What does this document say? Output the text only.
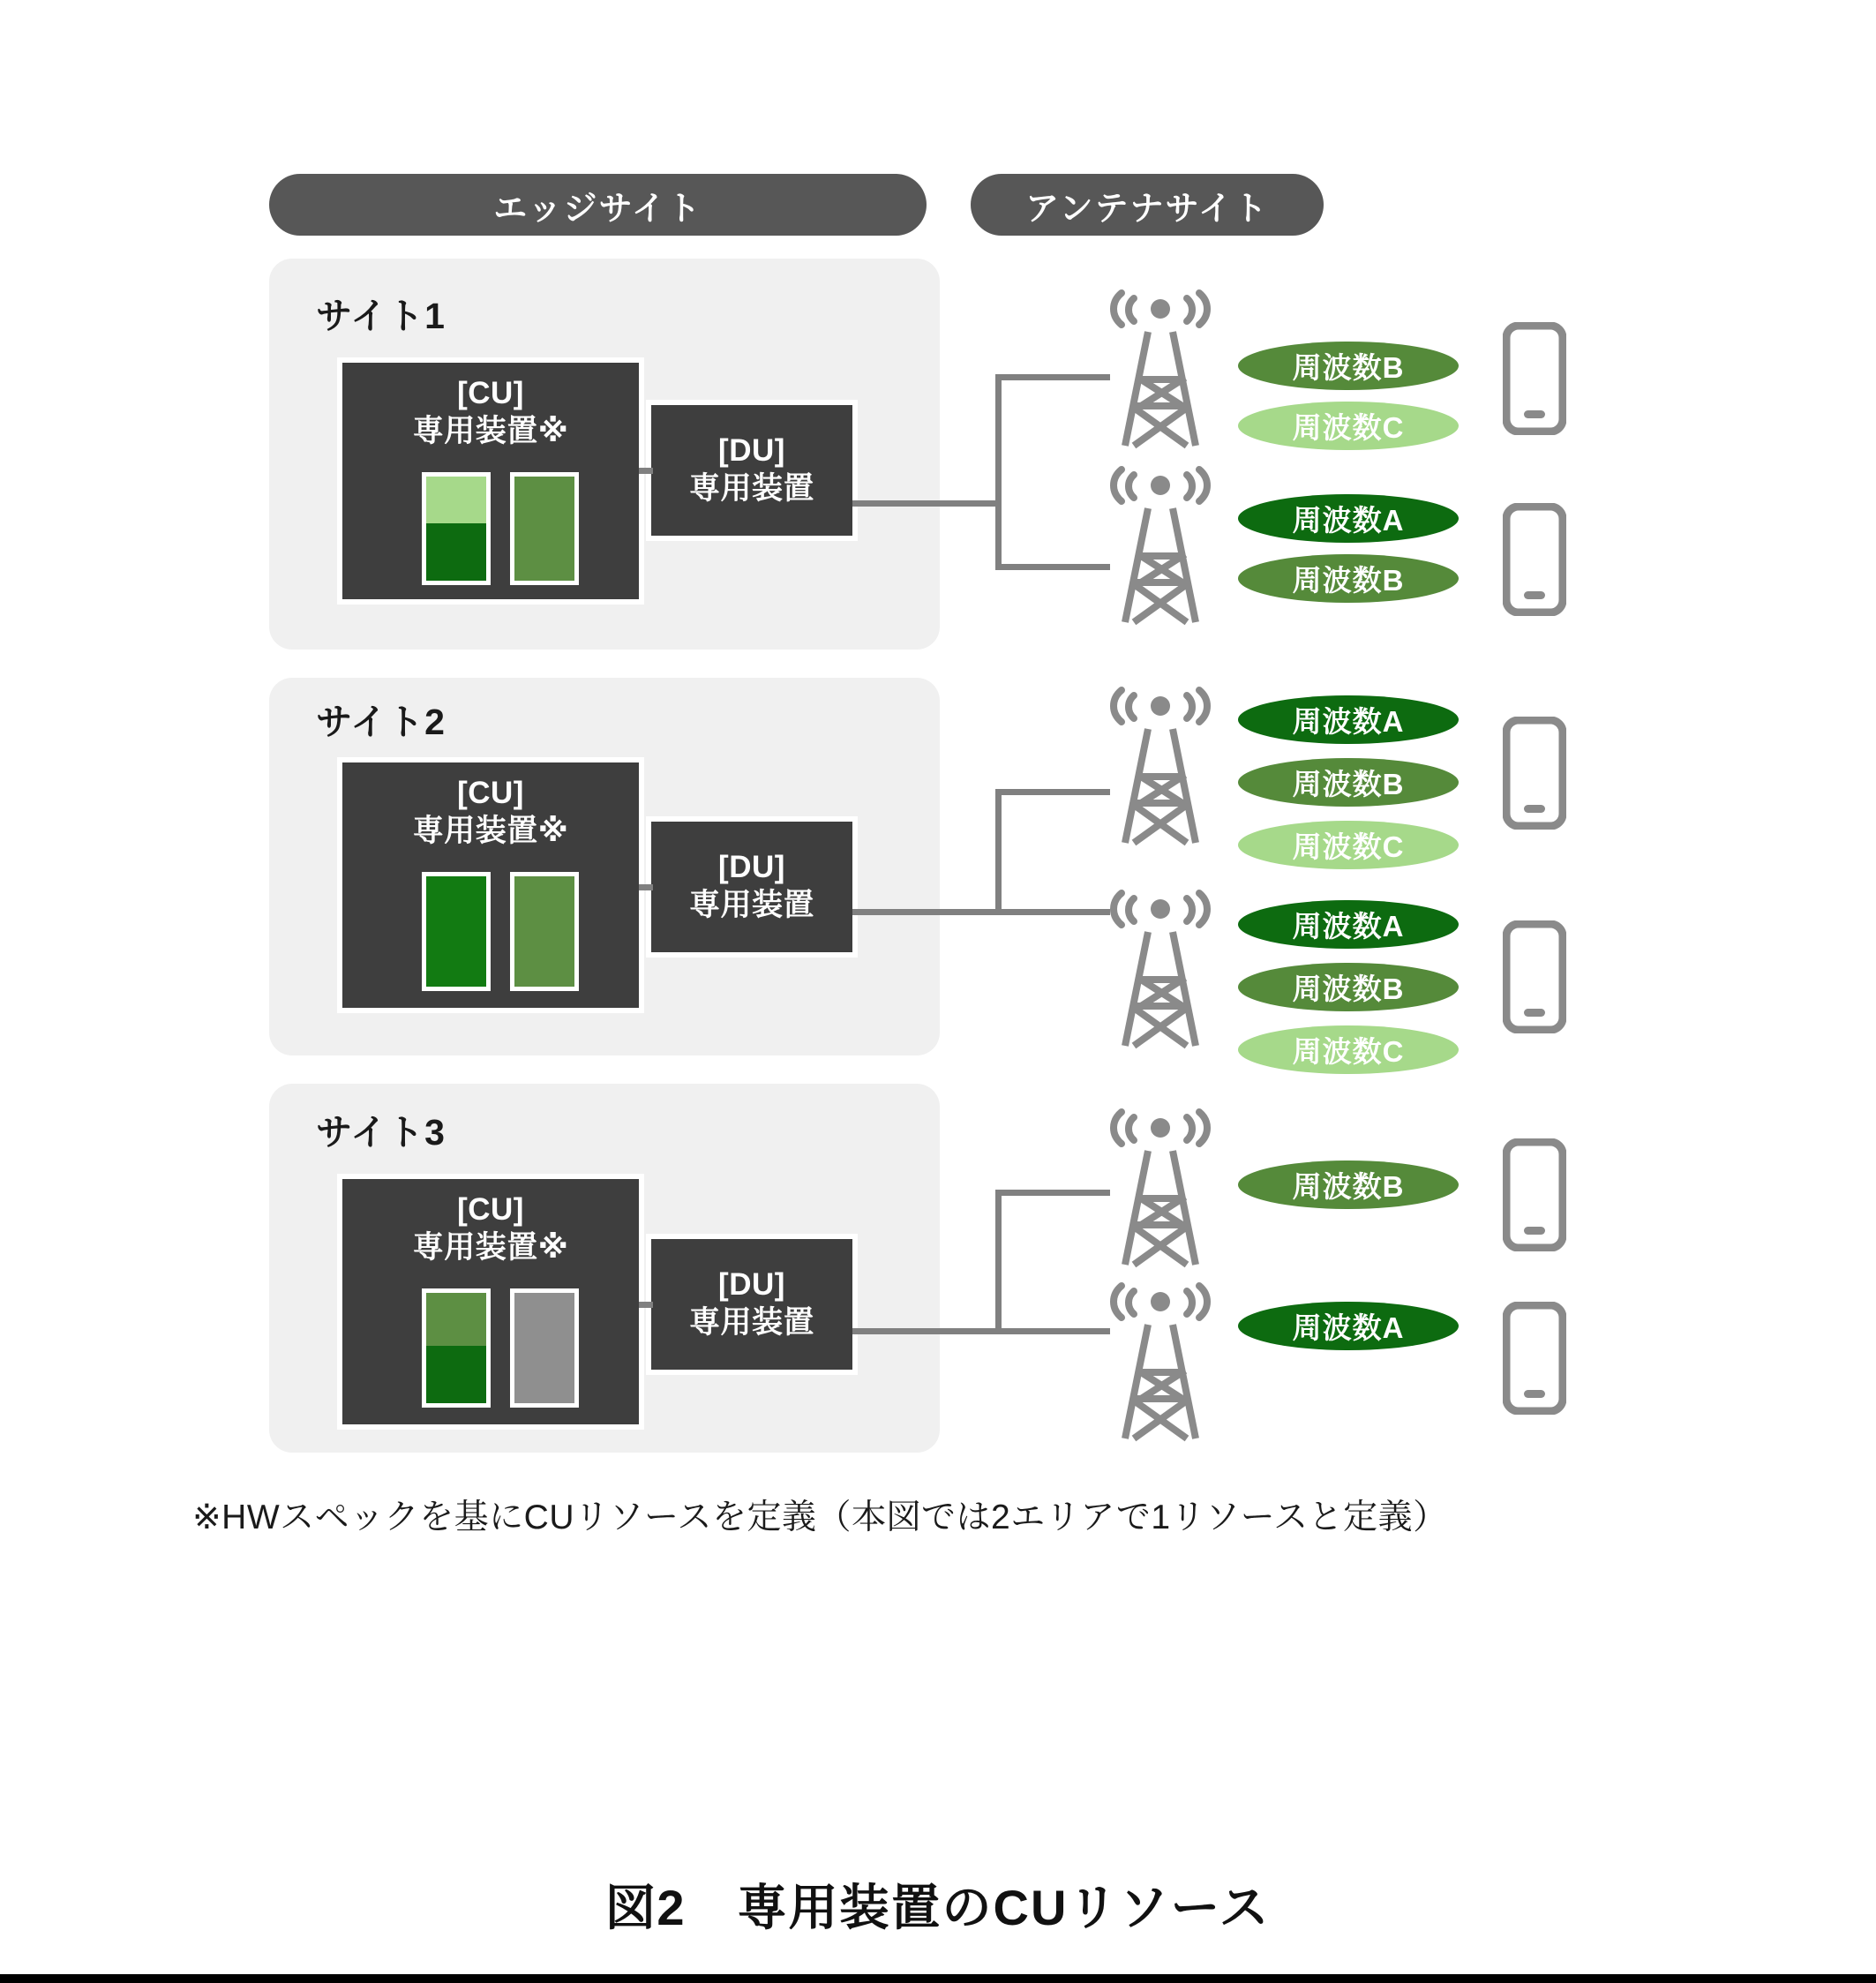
エッジサイト	アンテナサイト
サイト1
[CU]
専用装置※
[DU]
専用装置
周波数B
周波数C
周波数A
周波数B
サイト2
[CU]
専用装置※
[DU]
専用装置
周波数A
周波数B
周波数C
周波数A
周波数B
周波数C
サイト3
[CU]
専用装置※
[DU]
専用装置
周波数B
周波数A
※HWスペックを基にCUリソースを定義（本図では2エリアで1リソースと定義）
図2　専用装置のCUリソース
